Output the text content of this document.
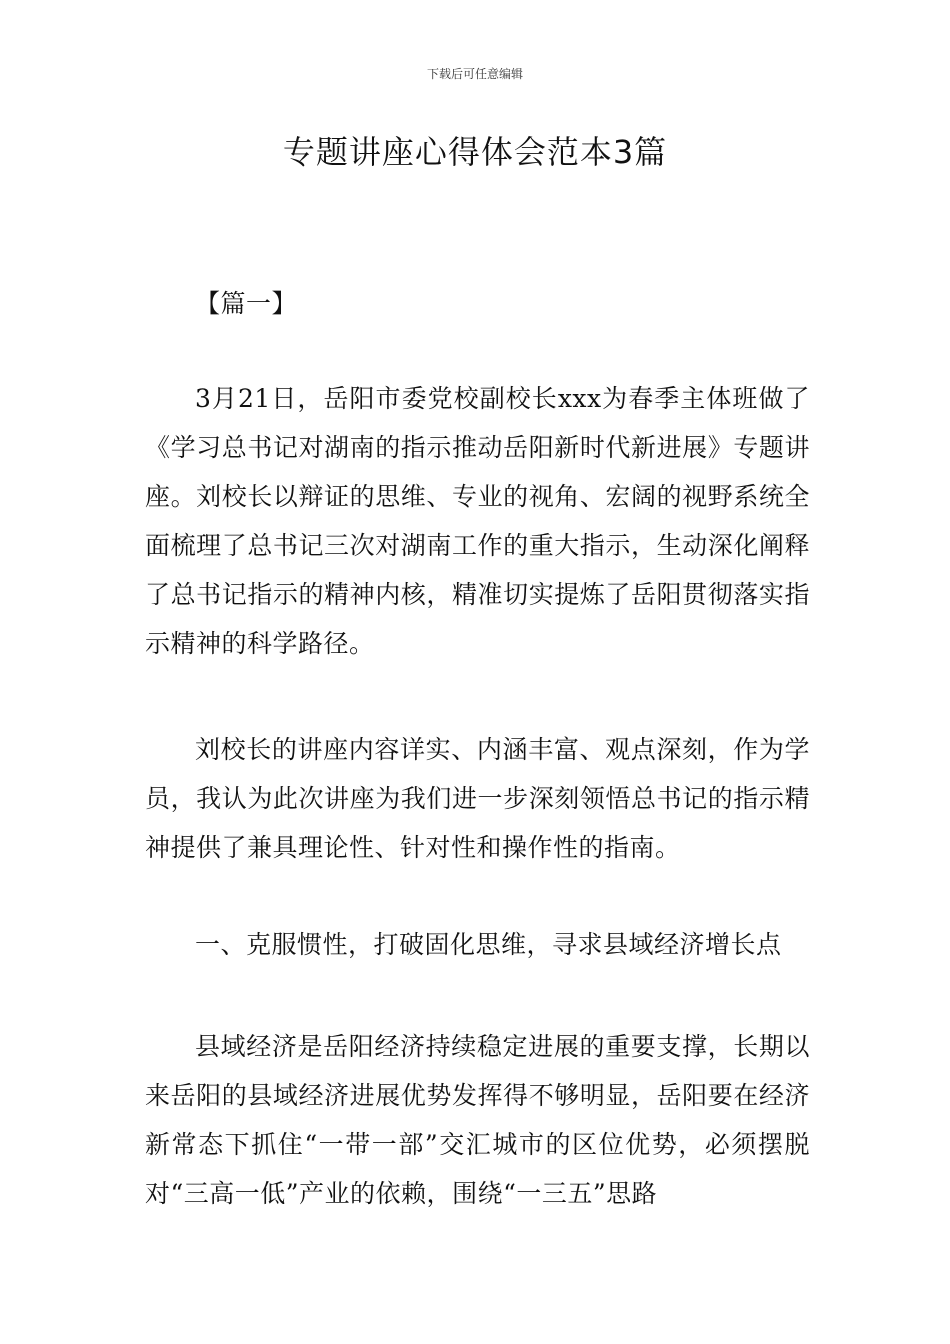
下载后可任意编辑
专题讲座心得体会范本3篇

【篇一】

3月21日，岳阳市委党校副校长xxx为春季主体班做了《学习总书记对湖南的指示推动岳阳新时代新进展》专题讲座。刘校长以辩证的思维、专业的视角、宏阔的视野系统全面梳理了总书记三次对湖南工作的重大指示，生动深化阐释了总书记指示的精神内核，精准切实提炼了岳阳贯彻落实指示精神的科学路径。

刘校长的讲座内容详实、内涵丰富、观点深刻，作为学员，我认为此次讲座为我们进一步深刻领悟总书记的指示精神提供了兼具理论性、针对性和操作性的指南。

一、克服惯性，打破固化思维，寻求县域经济增长点

县域经济是岳阳经济持续稳定进展的重要支撑，长期以来岳阳的县域经济进展优势发挥得不够明显，岳阳要在经济新常态下抓住“一带一部”交汇城市的区位优势，必须摆脱对“三高一低”产业的依赖，围绕“一三五”思路
